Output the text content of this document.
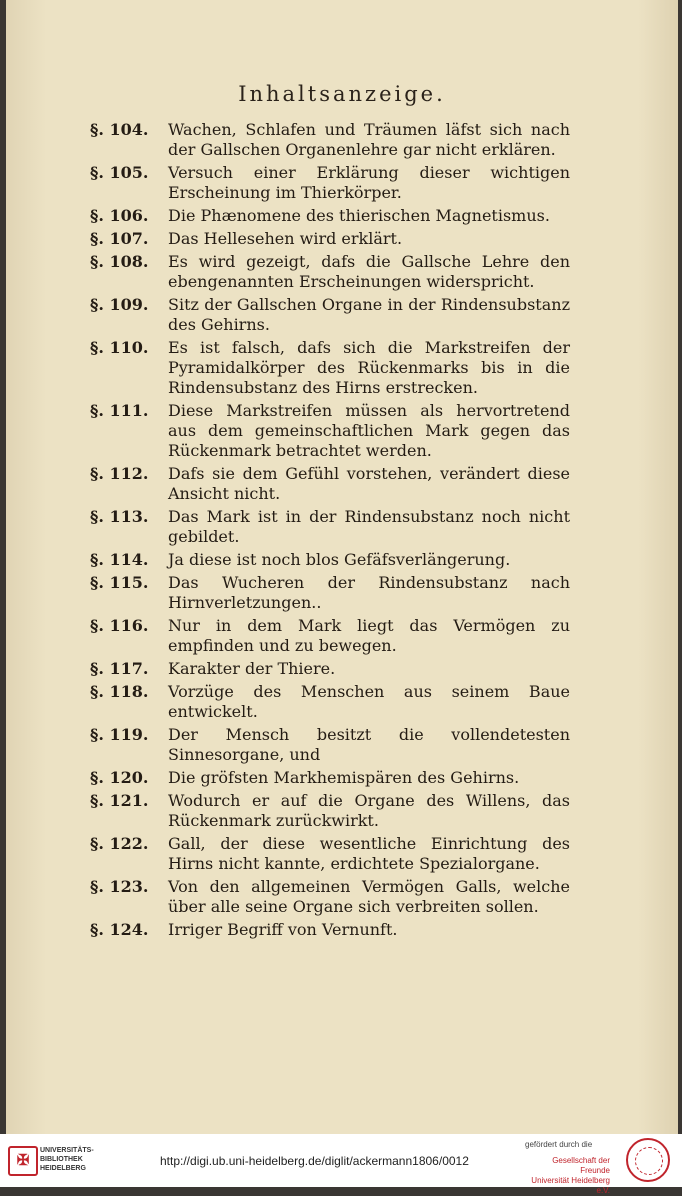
Inhaltsanzeige.
§. 104.	Wachen, Schlafen und Träumen läfst sich nach der Gallschen Organenlehre gar nicht erklären.
§. 105.	Versuch einer Erklärung dieser wichtigen Erscheinung im Thierkörper.
§. 106.	Die Phænomene des thierischen Magnetismus.
§. 107.	Das Hellesehen wird erklärt.
§. 108.	Es wird gezeigt, dafs die Gallsche Lehre den ebengenannten Erscheinungen widerspricht.
§. 109.	Sitz der Gallschen Organe in der Rindensubstanz des Gehirns.
§. 110.	Es ist falsch, dafs sich die Markstreifen der Pyramidalkörper des Rückenmarks bis in die Rindensubstanz des Hirns erstrecken.
§. 111.	Diese Markstreifen müssen als hervortretend aus dem gemeinschaftlichen Mark gegen das Rückenmark betrachtet werden.
§. 112.	Dafs sie dem Gefühl vorstehen, verändert diese Ansicht nicht.
§. 113.	Das Mark ist in der Rindensubstanz noch nicht gebildet.
§. 114.	Ja diese ist noch blos Gefäfsverlängerung.
§. 115.	Das Wucheren der Rindensubstanz nach Hirnverletzungen..
§. 116.	Nur in dem Mark liegt das Vermögen zu empfinden und zu bewegen.
§. 117.	Karakter der Thiere.
§. 118.	Vorzüge des Menschen aus seinem Baue entwickelt.
§. 119.	Der Mensch besitzt die vollendetesten Sinnesorgane, und
§. 120.	Die gröfsten Markhemispären des Gehirns.
§. 121.	Wodurch er auf die Organe des Willens, das Rückenmark zurückwirkt.
§. 122.	Gall, der diese wesentliche Einrichtung des Hirns nicht kannte, erdichtete Spezialorgane.
§. 123.	Von den allgemeinen Vermögen Galls, welche über alle seine Organe sich verbreiten sollen.
§. 124.	Irriger Begriff von Vernunft.
✠
UNIVERSITÄTS-
BIBLIOTHEK
HEIDELBERG
http://digi.ub.uni-heidelberg.de/diglit/ackermann1806/0012
gefördert durch die
Gesellschaft der Freunde
Universität Heidelberg e.V.
